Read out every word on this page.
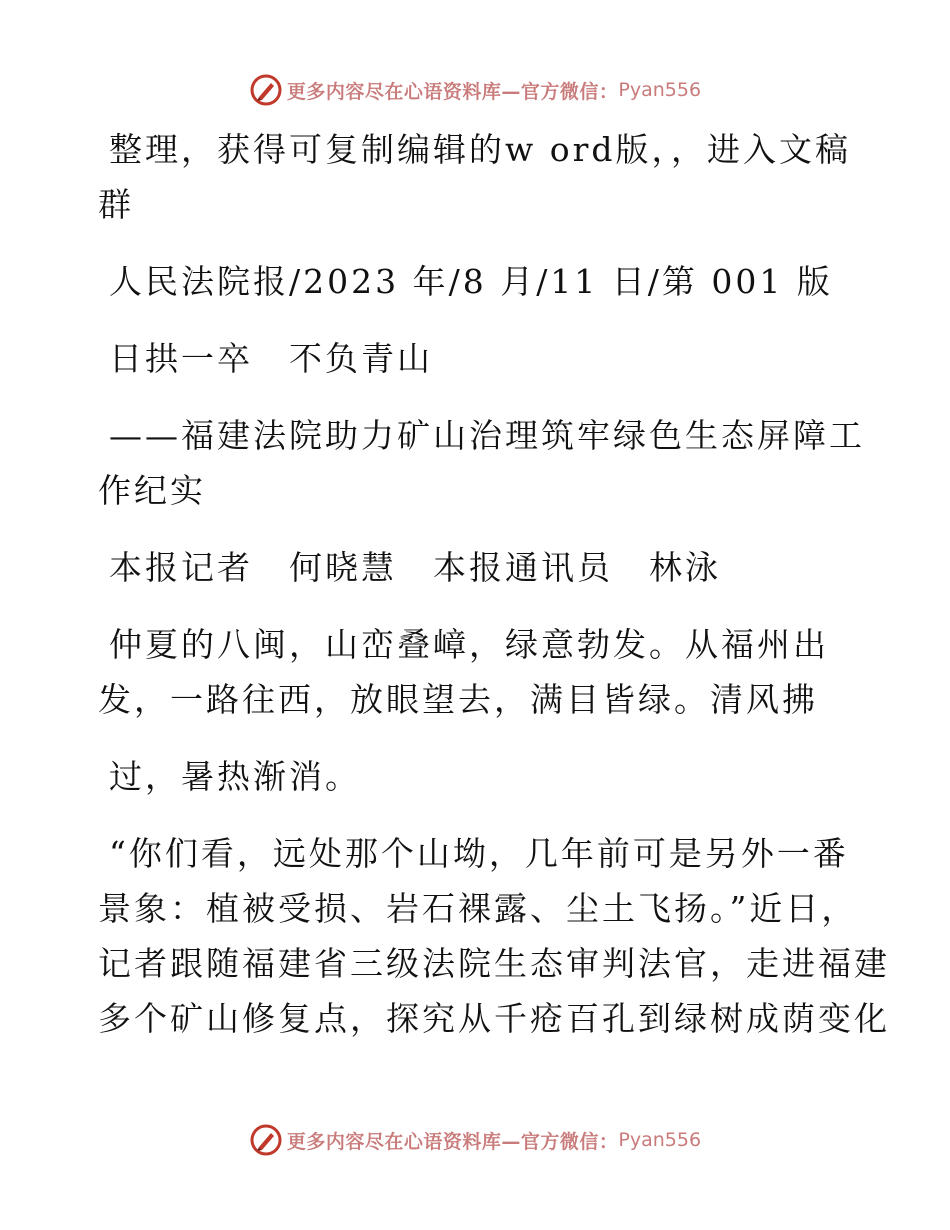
更多内容尽在心语资料库—官方微信： Pyan556

整理，获得可复制编辑的w ord版，，进入文稿
群

人民法院报/2023 年/8 月/11 日/第 001 版

日拱一卒　不负青山

——福建法院助力矿山治理筑牢绿色生态屏障工
作纪实

本报记者　何晓慧　本报通讯员　林泳

仲夏的八闽，山峦叠嶂，绿意勃发。从福州出
发，一路往西，放眼望去，满目皆绿。清风拂

过，暑热渐消。

“你们看，远处那个山坳，几年前可是另外一番
景象：植被受损、岩石裸露、尘土飞扬。”近日，
记者跟随福建省三级法院生态审判法官，走进福建
多个矿山修复点，探究从千疮百孔到绿树成荫变化

更多内容尽在心语资料库—官方微信： Pyan556
